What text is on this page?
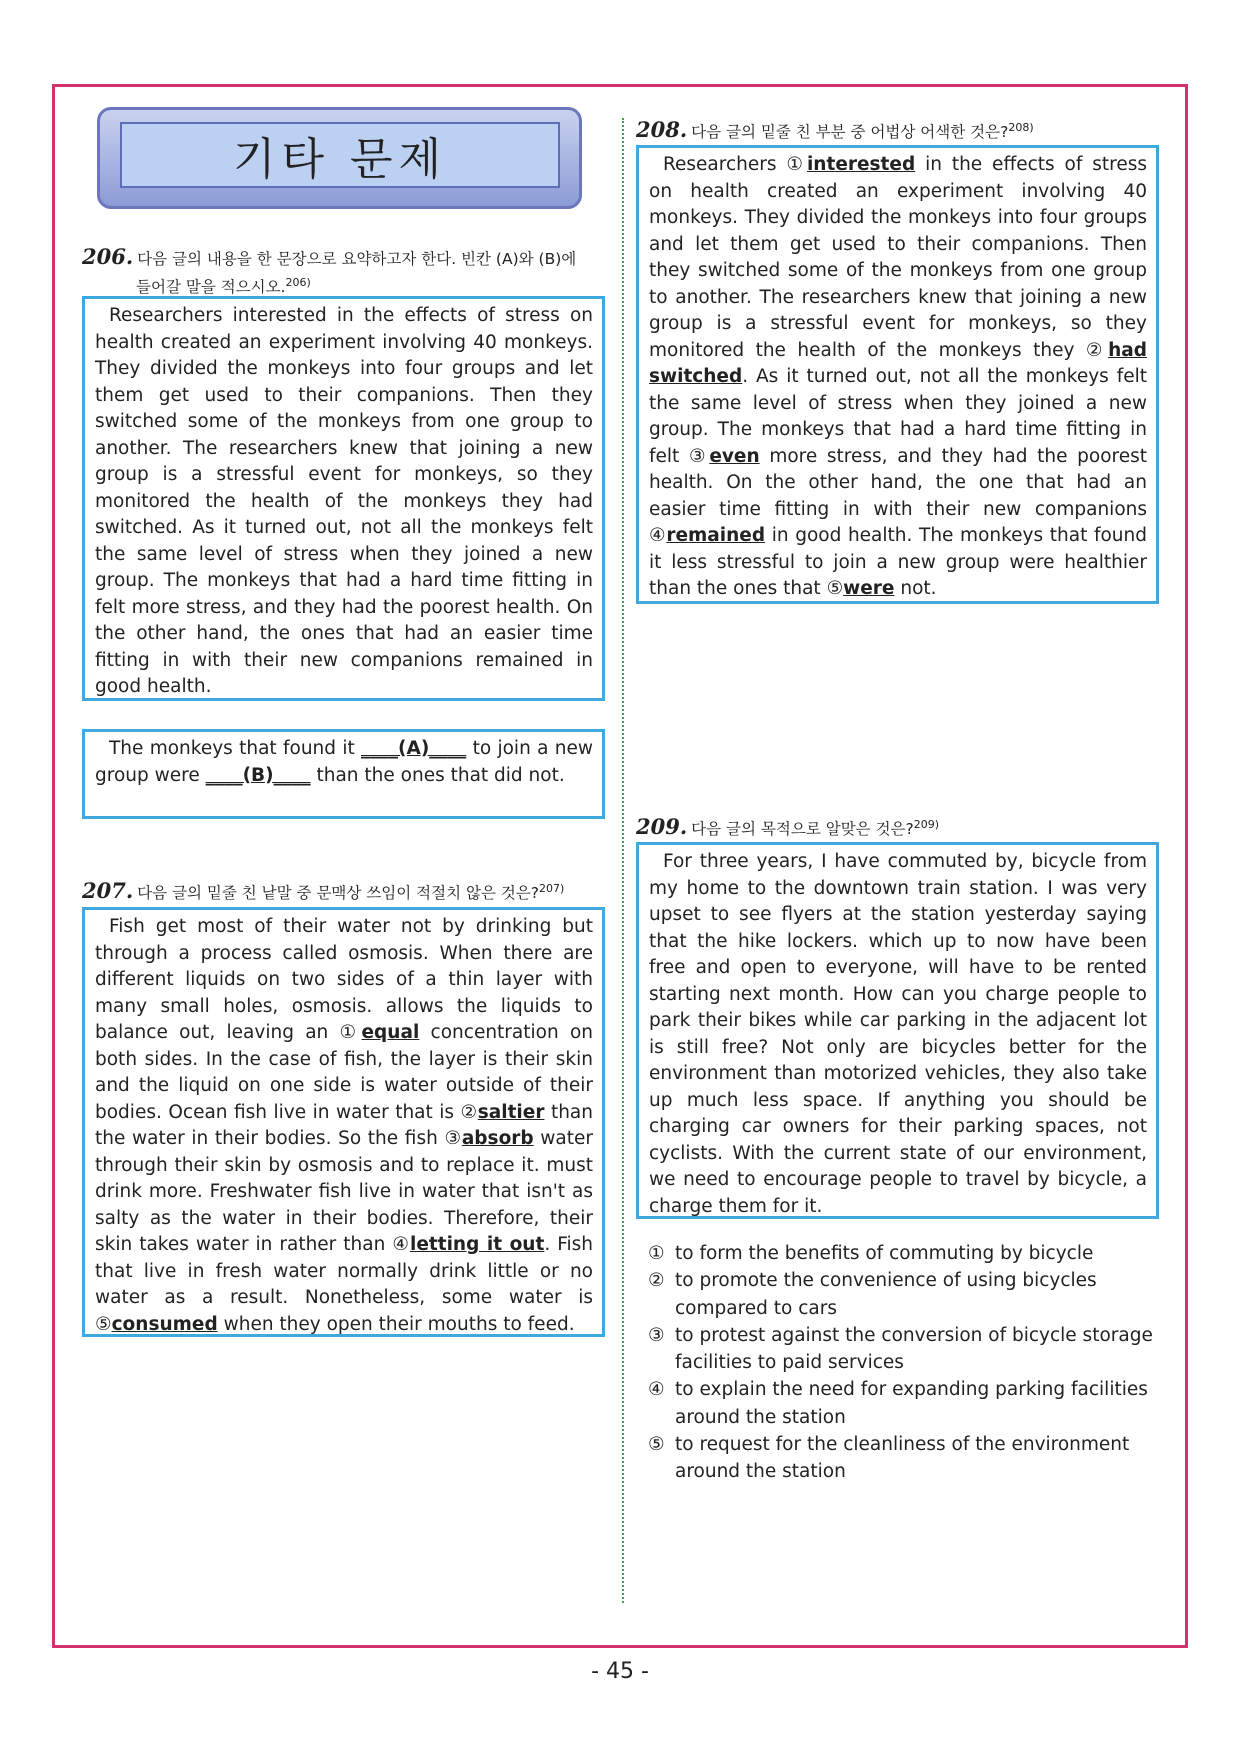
기타 문제
206. 다음 글의 내용을 한 문장으로 요약하고자 한다. 빈칸 (A)와 (B)에
들어갈 말을 적으시오.$^{206)}$

Researchers interested in the effects of stress on health created an experiment involving 40 monkeys. They divided the monkeys into four groups and let them get used to their companions. Then they switched some of the monkeys from one group to another. The researchers knew that joining a new group is a stressful event for monkeys, so they monitored the health of the monkeys they had switched. As it turned out, not all the monkeys felt the same level of stress when they joined a new group. The monkeys that had a hard time fitting in felt more stress, and they had the poorest health. On the other hand, the ones that had an easier time fitting in with their new companions remained in good health.

The monkeys that found it ____(A)____ to join a new group were ____(B)____ than the ones that did not.

207. 다음 글의 밑줄 친 낱말 중 문맥상 쓰임이 적절치 않은 것은?$^{207)}$

Fish get most of their water not by drinking but through a process called osmosis. When there are different liquids on two sides of a thin layer with many small holes, osmosis. allows the liquids to balance out, leaving an ①equal concentration on both sides. In the case of fish, the layer is their skin and the liquid on one side is water outside of their bodies. Ocean fish live in water that is ②saltier than the water in their bodies. So the fish ③absorb water through their skin by osmosis and to replace it. must drink more. Freshwater fish live in water that isn't as salty as the water in their bodies. Therefore, their skin takes water in rather than ④letting it out. Fish that live in fresh water normally drink little or no water as a result. Nonetheless, some water is ⑤consumed when they open their mouths to feed.

208. 다음 글의 밑줄 친 부분 중 어법상 어색한 것은?$^{208)}$

Researchers ①interested in the effects of stress on health created an experiment involving 40 monkeys. They divided the monkeys into four groups and let them get used to their companions. Then they switched some of the monkeys from one group to another. The researchers knew that joining a new group is a stressful event for monkeys, so they monitored the health of the monkeys they ②had switched. As it turned out, not all the monkeys felt the same level of stress when they joined a new group. The monkeys that had a hard time fitting in felt ③even more stress, and they had the poorest health. On the other hand, the one that had an easier time fitting in with their new companions ④remained in good health. The monkeys that found it less stressful to join a new group were healthier than the ones that ⑤were not.

209. 다음 글의 목적으로 알맞은 것은?$^{209)}$

For three years, I have commuted by, bicycle from my home to the downtown train station. I was very upset to see flyers at the station yesterday saying that the hike lockers. which up to now have been free and open to everyone, will have to be rented starting next month. How can you charge people to park their bikes while car parking in the adjacent lot is still free? Not only are bicycles better for the environment than motorized vehicles, they also take up much less space. If anything you should be charging car owners for their parking spaces, not cyclists. With the current state of our environment, we need to encourage people to travel by bicycle, a charge them for it.

① to form the benefits of commuting by bicycle
② to promote the convenience of using bicycles compared to cars
③ to protest against the conversion of bicycle storage facilities to paid services
④ to explain the need for expanding parking facilities around the station
⑤ to request for the cleanliness of the environment around the station
- 45 -
